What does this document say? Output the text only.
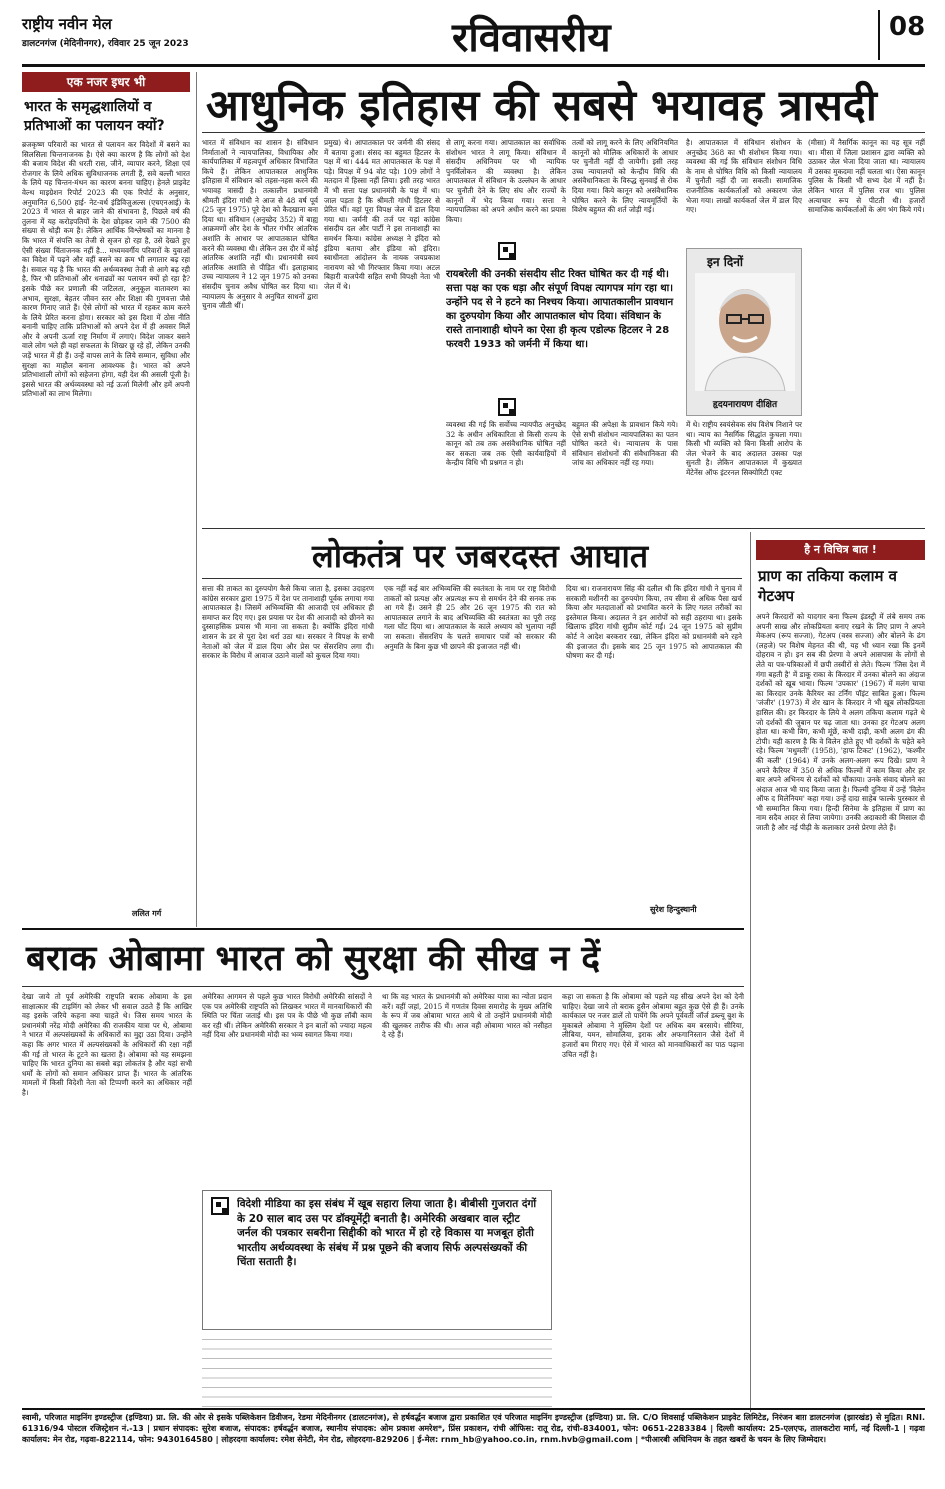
राष्ट्रीय नवीन मेल
डालटनगंज (मेदिनीनगर), रविवार 25 जून 2023	रविवासरीय	08
एक नजर इधर भी
भारत के समृद्धशालियों व प्रतिभाओं का पलायन क्यों?
ब्रजकृष्ण परिवारों का भारत से पलायन कर विदेशों में बसने का सिलसिला चिन्तनाजनक है। ऐसे क्या कारण है कि लोगों को देश की बजाय विदेश की धरती रास, जीने, व्यापार करने, शिक्षा एवं रोजगार के लिये अधिक सुविधाजनक लगती हैं, सवे बल्ली भारत के लिये यह चिन्तन-मंथन का कारण बनना चाहिए। हेनले प्राइवेट वेल्थ माइग्रेशन रिपोर्ट 2023 की एक रिपोर्ट के अनुसार, अनुमानित 6,500 हाई- नेट-वर्थ इंडिविजुअल्स (एचएनआई) के 2023 में भारत से बाहर जाने की संभावना है, पिछले वर्ष की तुलना में यह करोड़पतियों के देश छोड़कर जाने की 7500 की संख्या से थोड़ी कम है। लेकिन आर्थिक विश्लेषकों का मानना है कि भारत में संपत्ति का तेजी से सृजन हो रहा है, उसे देखते हुए ऐसी संख्या चिंताजनक नहीं है... मध्यमवर्गीय परिवारों के युवाओं का विदेश में पढ़ने और वहीं बसने का क्रम भी लगातार बढ़ रहा है। सवाल यह है कि भारत की अर्थव्यवस्था तेजी से आगे बढ़ रही है, फिर भी प्रतिभाओं और धनाढ्यों का पलायन क्यों हो रहा है? इसके पीछे कर प्रणाली की जटिलता, अनुकूल वातावरण का अभाव, सुरक्षा, बेहतर जीवन स्तर और शिक्षा की गुणवत्ता जैसे कारण गिनाए जाते हैं। ऐसे लोगों को भारत में रहकर काम करने के लिये प्रेरित करना होगा। सरकार को इस दिशा में ठोस नीति बनानी चाहिए ताकि प्रतिभाओं को अपने देश में ही अवसर मिलें और वे अपनी ऊर्जा राष्ट्र निर्माण में लगाएं। विदेश जाकर बसने वाले लोग भले ही वहां सफलता के शिखर छू रहे हों, लेकिन उनकी जड़ें भारत में ही हैं। उन्हें वापस लाने के लिये सम्मान, सुविधा और सुरक्षा का माहौल बनाना आवश्यक है। भारत को अपने प्रतिभाशाली लोगों को सहेजना होगा, यही देश की असली पूंजी है। इससे भारत की अर्थव्यवस्था को नई ऊर्जा मिलेगी और हमें अपनी प्रतिभाओं का लाभ मिलेगा।
ललित गर्ग
आधुनिक इतिहास की सबसे भयावह त्रासदी
भारत में संविधान का शासन है। संविधान निर्माताओं ने न्यायपालिका, विधायिका और कार्यपालिका में महत्वपूर्ण अधिकार विभाजित किये हैं। लेकिन आपातकाल आधुनिक इतिहास में संविधान को तहस-नहस करने की भयावह त्रासदी है। तत्कालीन प्रधानमंत्री श्रीमती इंदिरा गांधी ने आज से 48 वर्ष पूर्व (25 जून 1975) पूरे देश को कैदखाना बना दिया था। संविधान (अनुच्छेद 352) में बाह्य आक्रमणों और देश के भीतर गंभीर आंतरिक अशांति के आधार पर आपातकाल घोषित करने की व्यवस्था थी। लेकिन उस दौर में कोई आंतरिक अशांति नहीं थी। प्रधानमंत्री स्वयं आंतरिक अशांति से पीड़ित थीं। इलाहाबाद उच्च न्यायालय ने 12 जून 1975 को उनका संसदीय चुनाव अवैध घोषित कर दिया था। न्यायालय के अनुसार वे अनुचित साधनों द्वारा चुनाव जीती थीं।
प्रमुख) थे। आपातकाल पर जर्मनी की संसद में बताया हुआ। संसद का बहुमत हिटलर के पक्ष में था। 444 मत आपातकाल के पक्ष में पड़े। विपक्ष में 94 वोट पड़े। 109 लोगों ने मतदान में हिस्सा नहीं लिया। इसी तरह भारत में भी सत्ता पक्ष प्रधानमंत्री के पक्ष में था। जाल पड़ता है कि श्रीमती गांधी हिटलर से प्रेरित थीं। वहां पूरा विपक्ष जेल में डाल दिया गया था। जर्मनी की तर्ज पर यहां कांग्रेस संसदीय दल और पार्टी ने इस तानाशाही का समर्थन किया। कांग्रेस अध्यक्ष ने इंदिरा को इंडिया बताया और इंडिया को इंदिरा। स्वाधीनता आंदोलन के नायक जयप्रकाश नारायण को भी गिरफ्तार किया गया। अटल बिहारी वाजपेयी सहित सभी विपक्षी नेता भी जेल में थे।
से लागू करना गया। आपातकाल का सर्वाधिक संशोधन भारत ने लागू किया। संविधान में संसदीय अधिनियम पर भी न्यायिक पुनर्विलोकन की व्यवस्था है। लेकिन आपातकाल में संविधान के उल्लंघन के आधार पर चुनौती देने के लिए संघ और राज्यों के कानूनों में भेद किया गया। सत्ता ने न्यायपालिका को अपने अधीन करने का प्रयास किया।
तत्वों को लागू करने के लिए अधिनियमित कानूनों को मौलिक अधिकारों के आधार पर चुनौती नहीं दी जायेगी। इसी तरह उच्च न्यायालयों को केन्द्रीय विधि की असंवैधानिकता के विरुद्ध सुनवाई से रोक दिया गया। किये कानून को असंवैधानिक घोषित करने के लिए न्यायमूर्तियों के विशेष बहुमत की शर्त जोड़ी गई।
है। आपातकाल में संविधान संशोधन के अनुच्छेद 368 का भी संशोधन किया गया। व्यवस्था की गई कि संविधान संशोधन विधि के नाम से घोषित विधि को किसी न्यायालय में चुनौती नहीं दी जा सकती। सामाजिक राजनीतिक कार्यकर्ताओं को अकारण जेल भेजा गया। लाखों कार्यकर्ता जेल में डाल दिए गए।
(मीसा) में नैसर्गिक कानून का यह सूत्र नहीं था। मीसा में जिला प्रशासन द्वारा व्यक्ति को उठाकर जेल भेजा दिया जाता था। न्यायालय में उसका मुकदमा नहीं चलता था। ऐसा कानून पुलिस के किसी भी सभ्य देश में नहीं है। लेकिन भारत में पुलिस राज था। पुलिस अत्याचार रूप से पीटती थी। हजारों सामाजिक कार्यकर्ताओं के अंग भंग किये गये।
रायबरेली की उनकी संसदीय सीट रिक्त घोषित कर दी गई थी। सत्ता पक्ष का एक धड़ा और संपूर्ण विपक्ष त्यागपत्र मांग रहा था। उन्होंने पद से ने हटने का निश्चय किया। आपातकालीन प्रावधान का दुरुपयोग किया और आपातकाल थोप दिया। संविधान के रास्ते तानाशाही थोपने का ऐसा ही कृत्य एडोल्फ हिटलर ने 28 फरवरी 1933 को जर्मनी में किया था।
इन दिनों
हृदयनारायण दीक्षित
व्यवस्था की गई कि सर्वोच्च न्यायपीठ अनुच्छेद 32 के अधीन अधिकारिता से किसी राज्य के कानून को तब तक असंवैधानिक घोषित नहीं कर सकता जब तक ऐसी कार्यवाहियों में केन्द्रीय विधि भी प्रश्नगत न हो।
बहुमत की अपेक्षा के प्रावधान किये गये। ऐसे सभी संशोधन न्यायपालिका का पतन घोषित करते थे। न्यायालय के पास संविधान संशोधनों की संवैधानिकता की जांच का अधिकार नहीं रह गया।
में थे। राष्ट्रीय स्वयंसेवक संघ विशेष निशाने पर था। न्याय का नैसर्गिक सिद्धांत कुचला गया। किसी भी व्यक्ति को बिना किसी आरोप के जेल भेजने के बाद अदालत उसका पक्ष सुनती है। लेकिन आपातकाल में कुख्यात मेंटेनेंस ऑफ इंटरनल सिक्योरिटी एक्ट
लोकतंत्र पर जबरदस्त आघात
सत्ता की ताकत का दुरुपयोग कैसे किया जाता है, इसका उदाहरण कांग्रेस सरकार द्वारा 1975 में देश पर तानाशाही पूर्वक लगाया गया आपातकाल है। जिसमें अभिव्यक्ति की आजादी एवं अधिकार ही समाप्त कर दिए गए। इस प्रयास पर देश की आजादी को छीनने का दुस्साहसिक प्रयास भी माना जा सकता है। क्योंकि इंदिरा गांधी शासन के डर से पूरा देश थर्रा उठा था। सरकार ने विपक्ष के सभी नेताओं को जेल में डाल दिया और प्रेस पर सेंसरशिप लगा दी। सरकार के विरोध में आवाज उठाने वालों को कुचल दिया गया।
एक नहीं कई बार अभिव्यक्ति की स्वतंत्रता के नाम पर राष्ट्र विरोधी ताकतों को प्रत्यक्ष और अप्रत्यक्ष रूप से समर्थन देने की सनक तक आ गये हैं। उसने ही 25 और 26 जून 1975 की रात को आपातकाल लगाने के बाद अभिव्यक्ति की स्वतंत्रता का पूरी तरह गला घोंट दिया था। आपातकाल के काले अध्याय को भुलाया नहीं जा सकता। सेंसरशिप के चलते समाचार पत्रों को सरकार की अनुमति के बिना कुछ भी छापने की इजाजत नहीं थी।
दिया था। राजनारायण सिंह की दलील थी कि इंदिरा गांधी ने चुनाव में सरकारी मशीनरी का दुरुपयोग किया, तय सीमा से अधिक पैसा खर्च किया और मतदाताओं को प्रभावित करने के लिए गलत तरीकों का इस्तेमाल किया। अदालत ने इन आरोपों को सही ठहराया था। इसके खिलाफ इंदिरा गांधी सुप्रीम कोर्ट गईं। 24 जून 1975 को सुप्रीम कोर्ट ने आदेश बरकरार रखा, लेकिन इंदिरा को प्रधानमंत्री बने रहने की इजाजत दी। इसके बाद 25 जून 1975 को आपातकाल की घोषणा कर दी गई।
सुरेश हिन्दुस्थानी
है न विचित्र बात !
प्राण का तकिया कलाम व गेटअप
अपने किरदारों को यादगार बना फिल्म इंडस्ट्री में लंबे समय तक अपनी साख और लोकप्रियता बनाए रखने के लिए प्राण ने अपने मेकअप (रूप सज्जा), गेटअप (वस्त्र सज्जा) और बोलने के ढंग (लहजे) पर विशेष मेहनत की थी, यह भी ध्यान रखा कि इनमें दोहराव न हो। इन सब की प्रेरणा वे अपने आसपास के लोगों से लेते या पत्र-पत्रिकाओं में छपी तस्वीरों से लेते। फिल्म 'जिस देश में गंगा बहती है' में डाकू राका के किरदार में उनका बोलने का अंदाज दर्शकों को खूब भाया। फिल्म 'उपकार' (1967) में मलंग चाचा का किरदार उनके कैरियर का टर्निंग पॉइंट साबित हुआ। फिल्म 'जंजीर' (1973) में शेर खान के किरदार ने भी खूब लोकप्रियता हासिल की। हर किरदार के लिये वे अलग तकिया कलाम गढ़ते थे जो दर्शकों की जुबान पर चढ़ जाता था। उनका हर गेटअप अलग होता था। कभी विग, कभी मूंछें, कभी दाढ़ी, कभी अलग ढंग की टोपी। यही कारण है कि वे विलेन होते हुए भी दर्शकों के चहेते बने रहे। फिल्म 'मधुमती' (1958), 'हाफ टिकट' (1962), 'कश्मीर की कली' (1964) में उनके अलग-अलग रूप दिखे। प्राण ने अपने कैरियर में 350 से अधिक फिल्मों में काम किया और हर बार अपने अभिनय से दर्शकों को चौंकाया। उनके संवाद बोलने का अंदाज आज भी याद किया जाता है। फिल्मी दुनिया में उन्हें 'विलेन ऑफ द मिलेनियम' कहा गया। उन्हें दादा साहेब फाल्के पुरस्कार से भी सम्मानित किया गया। हिन्दी सिनेमा के इतिहास में प्राण का नाम सदैव आदर से लिया जायेगा। उनकी अदाकारी की मिसाल दी जाती है और नई पीढ़ी के कलाकार उनसे प्रेरणा लेते हैं।
बराक ओबामा भारत को सुरक्षा की सीख न दें
देखा जाये तो पूर्व अमेरिकी राष्ट्रपति बराक ओबामा के इस साक्षात्कार की टाइमिंग को लेकर भी सवाल उठते हैं कि आखिर वह इसके जरिये कहना क्या चाहते थे। जिस समय भारत के प्रधानमंत्री नरेंद्र मोदी अमेरिका की राजकीय यात्रा पर थे, ओबामा ने भारत में अल्पसंख्यकों के अधिकारों का मुद्दा उठा दिया। उन्होंने कहा कि अगर भारत में अल्पसंख्यकों के अधिकारों की रक्षा नहीं की गई तो भारत के टूटने का खतरा है। ओबामा को यह समझना चाहिए कि भारत दुनिया का सबसे बड़ा लोकतंत्र है और यहां सभी धर्मों के लोगों को समान अधिकार प्राप्त हैं। भारत के आंतरिक मामलों में किसी विदेशी नेता को टिप्पणी करने का अधिकार नहीं है।
अमेरिका आगमन से पहले कुछ भारत विरोधी अमेरिकी सांसदों ने एक पत्र अमेरिकी राष्ट्रपति को लिखकर भारत में मानवाधिकारों की स्थिति पर चिंता जताई थी। इस पत्र के पीछे भी कुछ लॉबी काम कर रही थीं। लेकिन अमेरिकी सरकार ने इन बातों को ज्यादा महत्व नहीं दिया और प्रधानमंत्री मोदी का भव्य स्वागत किया गया।
था कि वह भारत के प्रधानमंत्री को अमेरिका यात्रा का न्योता प्रदान करें। वहीं जहां, 2015 में गणतंत्र दिवस समारोह के मुख्य अतिथि के रूप में जब ओबामा भारत आये थे तो उन्होंने प्रधानमंत्री मोदी की खुलकर तारीफ की थी। आज वही ओबामा भारत को नसीहत दे रहे हैं।
कहा जा सकता है कि ओबामा को पहले यह सीख अपने देश को देनी चाहिए। देखा जाये तो बराक हुसैन ओबामा बहुत कुछ ऐसे ही हैं। उनके कार्यकाल पर नजर डालें तो पायेंगे कि अपने पूर्ववर्ती जॉर्ज डब्ल्यू बुश के मुकाबले ओबामा ने मुस्लिम देशों पर अधिक बम बरसाये। सीरिया, लीबिया, यमन, सोमालिया, इराक और अफगानिस्तान जैसे देशों में हजारों बम गिराए गए। ऐसे में भारत को मानवाधिकारों का पाठ पढ़ाना उचित नहीं है।
विदेशी मीडिया का इस संबंध में खूब सहारा लिया जाता है। बीबीसी गुजरात दंगों के 20 साल बाद उस पर डॉक्यूमेंट्री बनाती है। अमेरिकी अखबार वाल स्ट्रीट जर्नल की पत्रकार सबरीना सिद्दीकी को भारत में हो रहे विकास या मजबूत होती भारतीय अर्थव्यवस्था के संबंध में प्रश्न पूछने की बजाय सिर्फ अल्पसंख्यकों की चिंता सताती है।
स्वामी, परिजात माइनिंग इण्डस्ट्रीज (इण्डिया) प्रा. लि. की ओर से इसके पब्लिकेशन डिवीजन, रेडमा मेदिनीनगर (डालटनगंज), से हर्षवर्द्धन बजाज द्वारा प्रकाशित एवं परिजात माइनिंग इण्डस्ट्रीज (इण्डिया) प्रा. लि. C/O शिवसाई पब्लिकेशन प्राइवेट लिमिटेड, निरंजन बाग़ डालटनगंज (झारखंड) से मुद्रित। RNI. 61316/94 पोस्टल रजिस्ट्रेशन नं.-13 | प्रधान संपादक: सुरेश बजाज, संपादक: हर्षवर्द्धन बजाज, स्थानीय संपादक: ओम प्रकाश अमरेश*, प्रिंस प्रकाशन, रांची ऑफिस: रातू रोड, रांची-834001, फोन: 0651-2283384 | दिल्ली कार्यालय: 25-एलएफ, तालकटोरा मार्ग, नई दिल्ली-1 | गढ़वा कार्यालय: मेन रोड, गढ़वा-822114, फोन: 9430164580 | लोहरदगा कार्यालय: रमेश सेनेटी, मेन रोड, लोहरदगा-829206 | ई-मेल: rnm_hb@yahoo.co.in, rnm.hvb@gmail.com | *पीआरबी अधिनियम के तहत खबरों के चयन के लिए जिम्मेदार।
